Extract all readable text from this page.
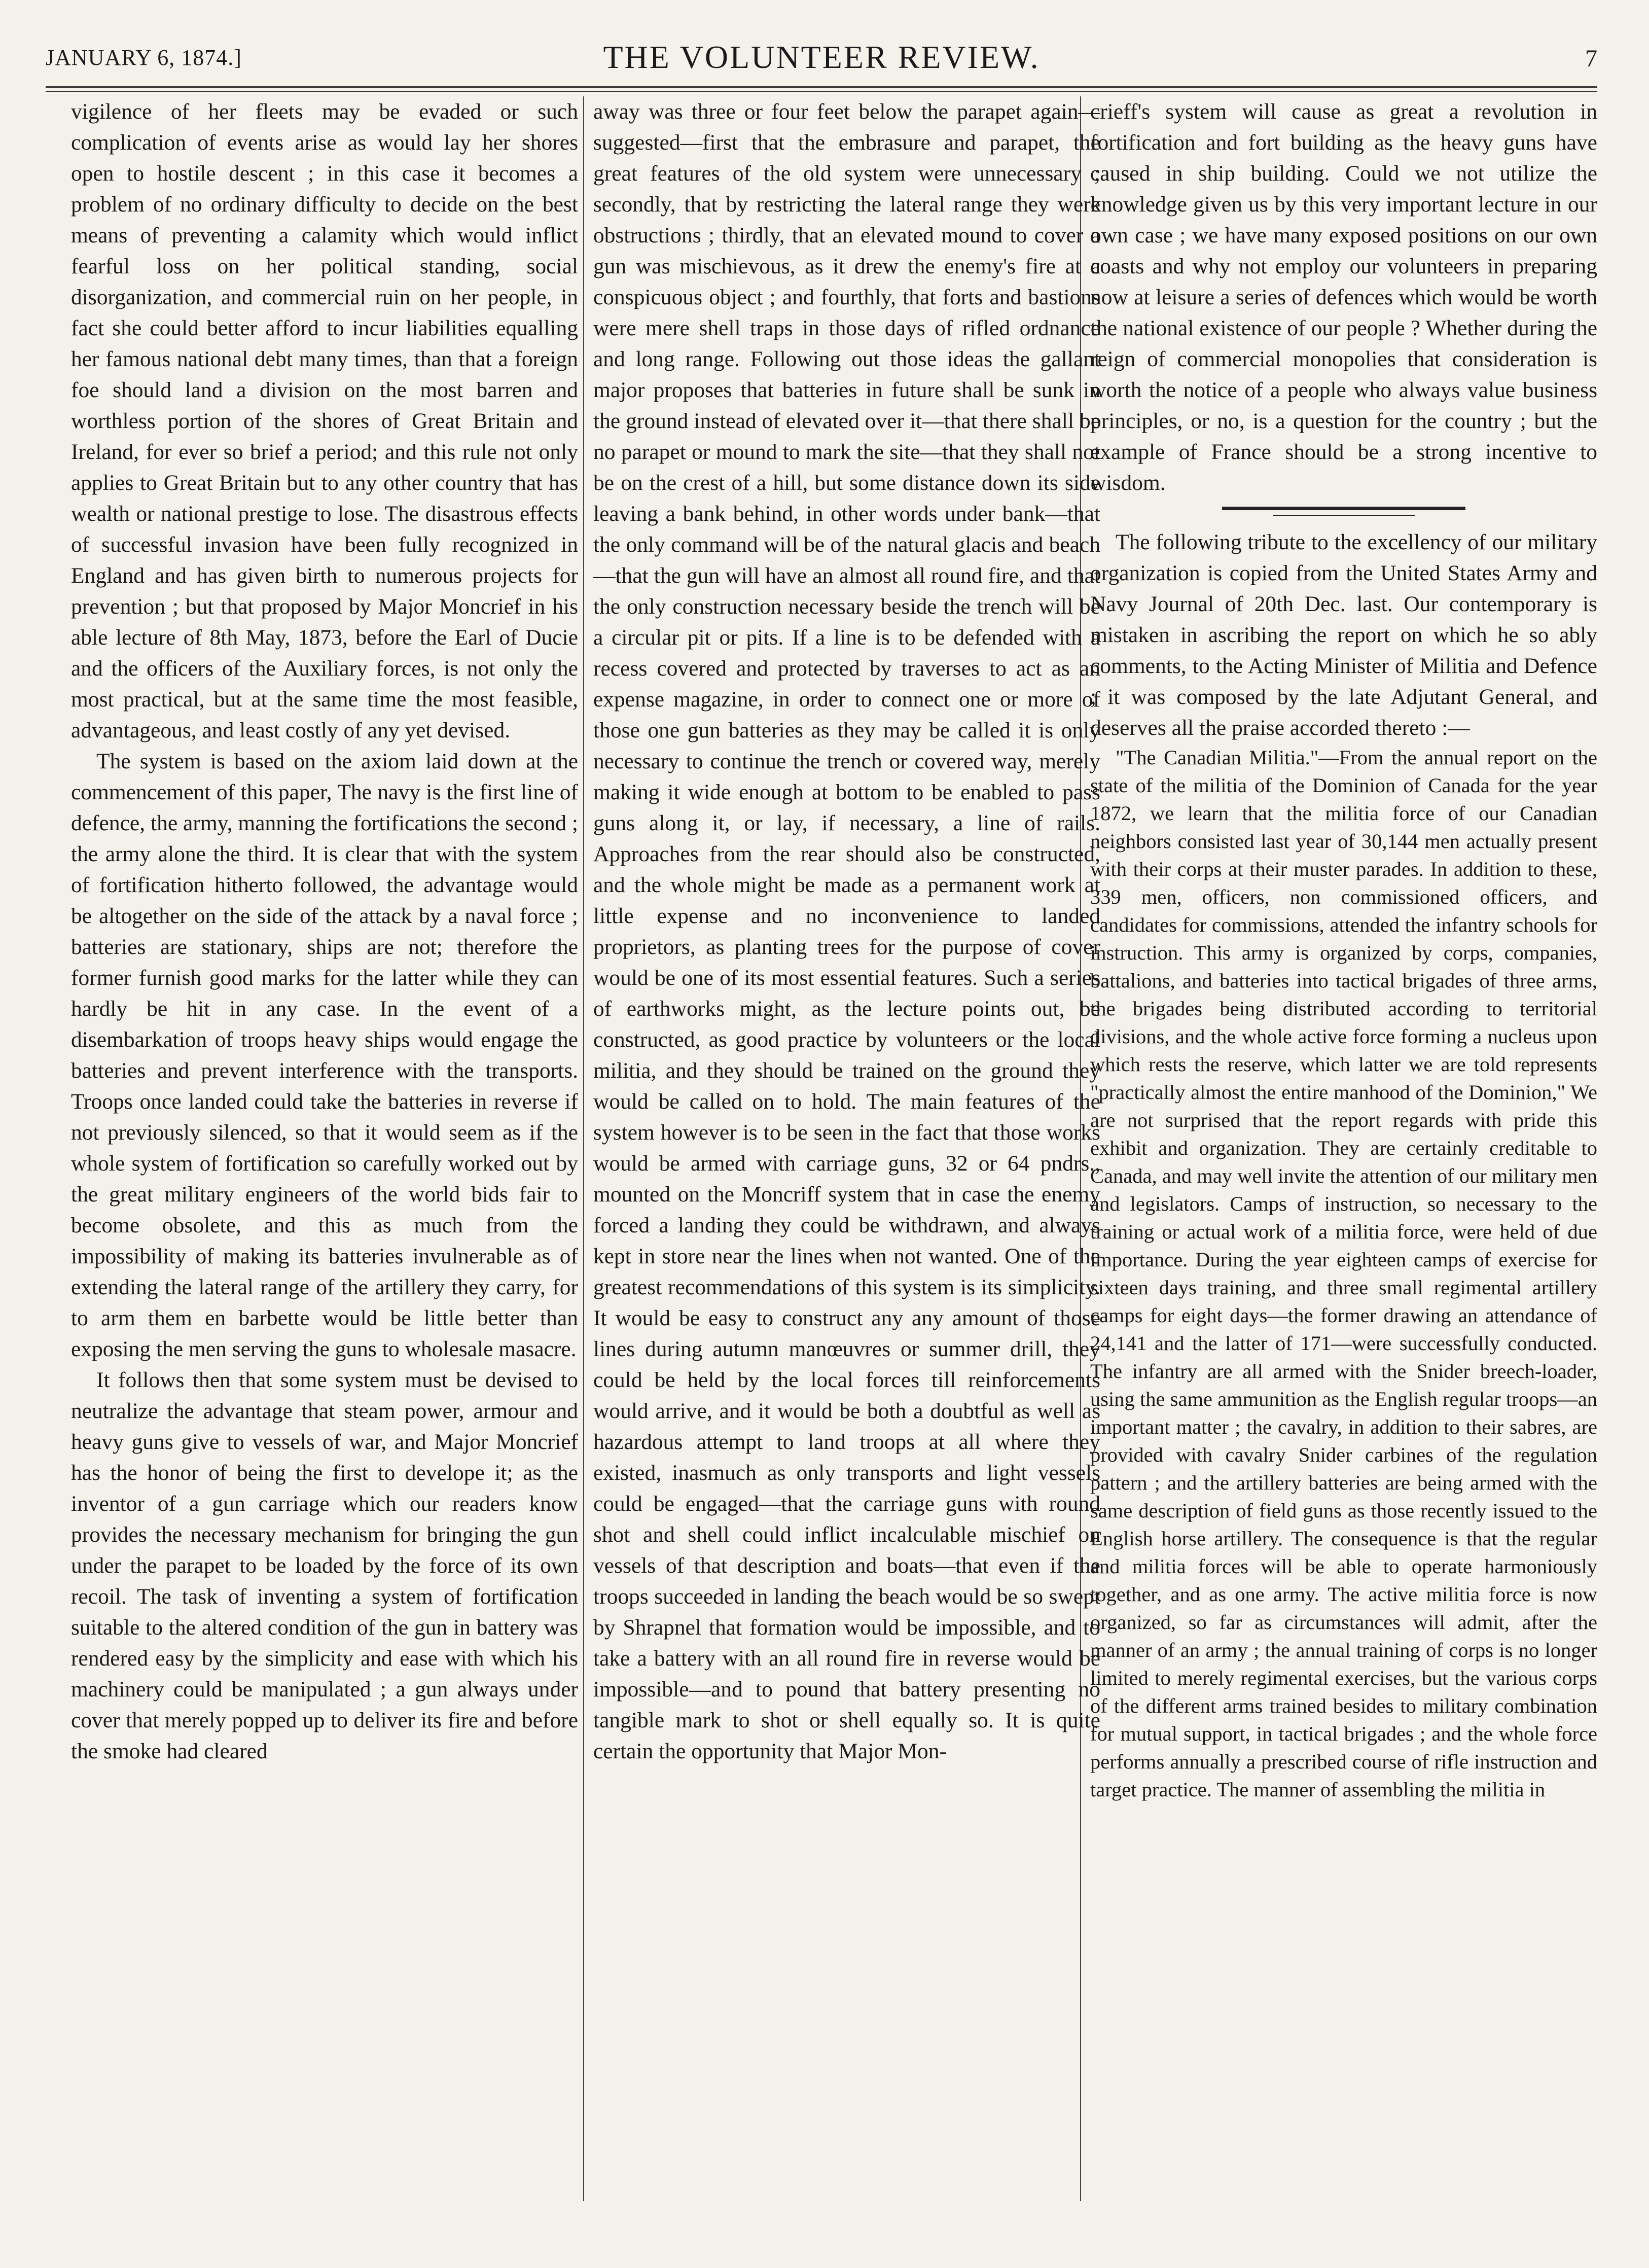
JANUARY 6, 1874.]	THE VOLUNTEER REVIEW.	7

vigilence of her fleets may be evaded or such complication of events arise as would lay her shores open to hostile descent ; in this case it becomes a problem of no ordinary difficulty to decide on the best means of preventing a calamity which would inflict fearful loss on her political standing, social disorganization, and commercial ruin on her people, in fact she could better afford to incur liabilities equalling her famous national debt many times, than that a foreign foe should land a division on the most barren and worthless portion of the shores of Great Britain and Ireland, for ever so brief a period; and this rule not only applies to Great Britain but to any other country that has wealth or national prestige to lose. The disastrous effects of successful invasion have been fully recognized in England and has given birth to numerous projects for prevention ; but that proposed by Major Moncrief in his able lecture of 8th May, 1873, before the Earl of Ducie and the officers of the Auxiliary forces, is not only the most practical, but at the same time the most feasible, advantageous, and least costly of any yet devised.

The system is based on the axiom laid down at the commencement of this paper, The navy is the first line of defence, the army, manning the fortifications the second ; the army alone the third. It is clear that with the system of fortification hitherto followed, the advantage would be altogether on the side of the attack by a naval force ; batteries are stationary, ships are not; therefore the former furnish good marks for the latter while they can hardly be hit in any case. In the event of a disembarkation of troops heavy ships would engage the batteries and prevent interference with the transports. Troops once landed could take the batteries in reverse if not previously silenced, so that it would seem as if the whole system of fortification so carefully worked out by the great military engineers of the world bids fair to become obsolete, and this as much from the impossibility of making its batteries invulnerable as of extending the lateral range of the artillery they carry, for to arm them en barbette would be little better than exposing the men serving the guns to wholesale masacre.

It follows then that some system must be devised to neutralize the advantage that steam power, armour and heavy guns give to vessels of war, and Major Moncrief has the honor of being the first to develope it; as the inventor of a gun carriage which our readers know provides the necessary mechanism for bringing the gun under the parapet to be loaded by the force of its own recoil. The task of inventing a system of fortification suitable to the altered condition of the gun in battery was rendered easy by the simplicity and ease with which his machinery could be manipulated ; a gun always under cover that merely popped up to deliver its fire and before the smoke had cleared

away was three or four feet below the parapet again—suggested—first that the embrasure and parapet, the great features of the old system were unnecessary ; secondly, that by restricting the lateral range they were obstructions ; thirdly, that an elevated mound to cover a gun was mischievous, as it drew the enemy's fire at a conspicuous object ; and fourthly, that forts and bastions were mere shell traps in those days of rifled ordnance and long range. Following out those ideas the gallant major proposes that batteries in future shall be sunk in the ground instead of elevated over it—that there shall be no parapet or mound to mark the site—that they shall not be on the crest of a hill, but some distance down its side leaving a bank behind, in other words under bank—that the only command will be of the natural glacis and beach—that the gun will have an almost all round fire, and that the only construction necessary beside the trench will be a circular pit or pits. If a line is to be defended with a recess covered and protected by traverses to act as an expense magazine, in order to connect one or more of those one gun batteries as they may be called it is only necessary to continue the trench or covered way, merely making it wide enough at bottom to be enabled to pass guns along it, or lay, if necessary, a line of rails. Approaches from the rear should also be constructed, and the whole might be made as a permanent work at little expense and no inconvenience to landed proprietors, as planting trees for the purpose of cover would be one of its most essential features. Such a series of earthworks might, as the lecture points out, be constructed, as good practice by volunteers or the local militia, and they should be trained on the ground they would be called on to hold. The main features of the system however is to be seen in the fact that those works would be armed with carriage guns, 32 or 64 pndrs., mounted on the Moncriff system that in case the enemy forced a landing they could be withdrawn, and always kept in store near the lines when not wanted. One of the greatest recommendations of this system is its simplicity. It would be easy to construct any any amount of those lines during autumn manœuvres or summer drill, they could be held by the local forces till reinforcements would arrive, and it would be both a doubtful as well as hazardous attempt to land troops at all where they existed, inasmuch as only transports and light vessels could be engaged—that the carriage guns with round shot and shell could inflict incalculable mischief on vessels of that description and boats—that even if the troops succeeded in landing the beach would be so swept by Shrapnel that formation would be impossible, and to take a battery with an all round fire in reverse would be impossible—and to pound that battery presenting no tangible mark to shot or shell equally so. It is quite certain the opportunity that Major Mon-

crieff's system will cause as great a revolution in fortification and fort building as the heavy guns have caused in ship building. Could we not utilize the knowledge given us by this very important lecture in our own case ; we have many exposed positions on our own coasts and why not employ our volunteers in preparing now at leisure a series of defences which would be worth the national existence of our people ? Whether during the reign of commercial monopolies that consideration is worth the notice of a people who always value business principles, or no, is a question for the country ; but the example of France should be a strong incentive to wisdom.

The following tribute to the excellency of our military organization is copied from the United States Army and Navy Journal of 20th Dec. last. Our contemporary is mistaken in ascribing the report on which he so ably comments, to the Acting Minister of Militia and Defence ; it was composed by the late Adjutant General, and deserves all the praise accorded thereto :—

"The Canadian Militia."—From the annual report on the state of the militia of the Dominion of Canada for the year 1872, we learn that the militia force of our Canadian neighbors consisted last year of 30,144 men actually present with their corps at their muster parades. In addition to these, 339 men, officers, non commissioned officers, and candidates for commissions, attended the infantry schools for instruction. This army is organized by corps, companies, battalions, and batteries into tactical brigades of three arms, the brigades being distributed according to territorial divisions, and the whole active force forming a nucleus upon which rests the reserve, which latter we are told represents "practically almost the entire manhood of the Dominion," We are not surprised that the report regards with pride this exhibit and organization. They are certainly creditable to Canada, and may well invite the attention of our military men and legislators. Camps of instruction, so necessary to the training or actual work of a militia force, were held of due importance. During the year eighteen camps of exercise for sixteen days training, and three small regimental artillery camps for eight days—the former drawing an attendance of 24,141 and the latter of 171—were successfully conducted. The infantry are all armed with the Snider breech-loader, using the same ammunition as the English regular troops—an important matter ; the cavalry, in addition to their sabres, are provided with cavalry Snider carbines of the regulation pattern ; and the artillery batteries are being armed with the same description of field guns as those recently issued to the English horse artillery. The consequence is that the regular and militia forces will be able to operate harmoniously together, and as one army. The active militia force is now organized, so far as circumstances will admit, after the manner of an army ; the annual training of corps is no longer limited to merely regimental exercises, but the various corps of the different arms trained besides to military combination for mutual support, in tactical brigades ; and the whole force performs annually a prescribed course of rifle instruction and target practice. The manner of assembling the militia in
